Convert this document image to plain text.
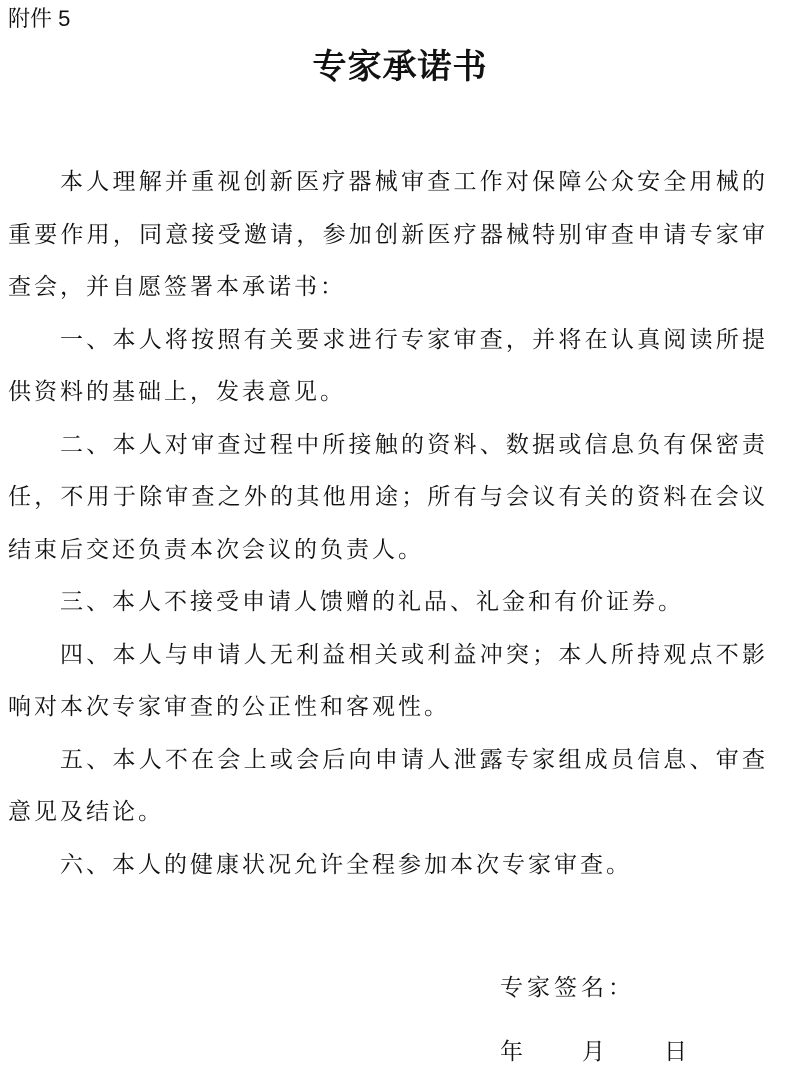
附件 5
专家承诺书

本人理解并重视创新医疗器械审查工作对保障公众安全用械的重要作用，同意接受邀请，参加创新医疗器械特别审查申请专家审查会，并自愿签署本承诺书：

一、本人将按照有关要求进行专家审查，并将在认真阅读所提供资料的基础上，发表意见。

二、本人对审查过程中所接触的资料、数据或信息负有保密责任，不用于除审查之外的其他用途；所有与会议有关的资料在会议结束后交还负责本次会议的负责人。

三、本人不接受申请人馈赠的礼品、礼金和有价证券。

四、本人与申请人无利益相关或利益冲突；本人所持观点不影响对本次专家审查的公正性和客观性。

五、本人不在会上或会后向申请人泄露专家组成员信息、审查意见及结论。

六、本人的健康状况允许全程参加本次专家审查。

专家签名：
年	月	日
